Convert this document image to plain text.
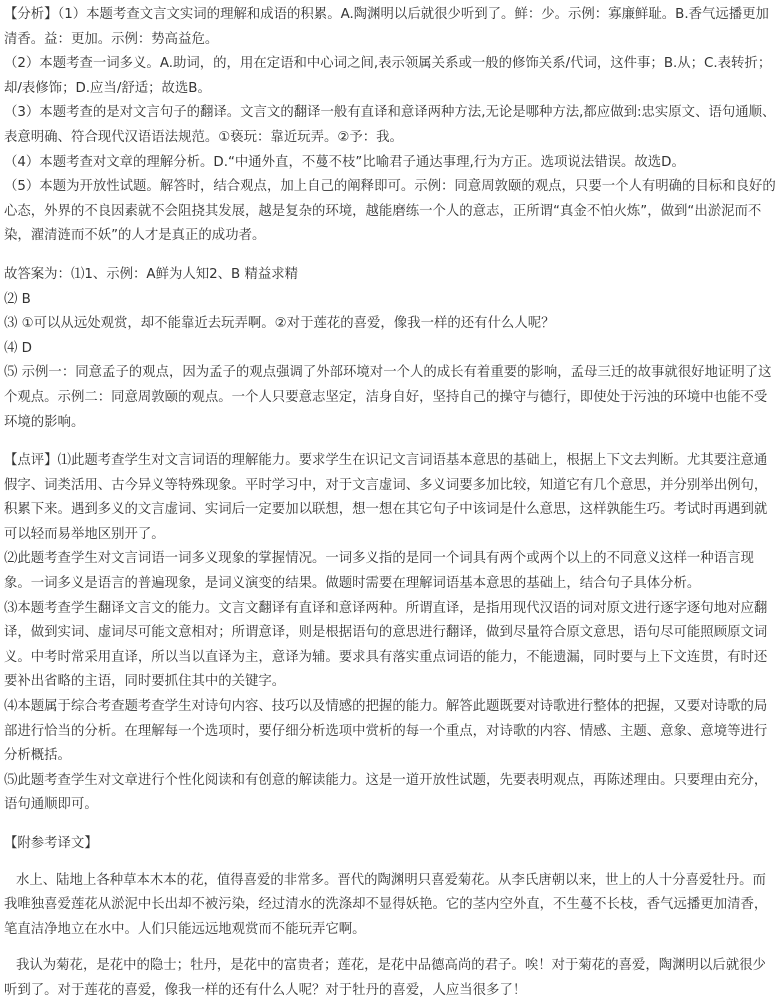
【分析】（1）本题考查文言文实词的理解和成语的积累。A.陶渊明以后就很少听到了。鲜：少。示例：寡廉鲜耻。B.香气远播更加清香。益：更加。示例：势高益危。

（2）本题考查一词多义。A.助词，的，用在定语和中心词之间,表示领属关系或一般的修饰关系/代词，这件事；B.从；C.表转折；却/表修饰；D.应当/舒适；故选B。

（3）本题考查的是对文言句子的翻译。文言文的翻译一般有直译和意译两种方法,无论是哪种方法,都应做到:忠实原文、语句通顺、表意明确、符合现代汉语语法规范。①亵玩：靠近玩弄。②予：我。

（4）本题考查对文章的理解分析。D.“中通外直，不蔓不枝”比喻君子通达事理,行为方正。选项说法错误。故选D。

（5）本题为开放性试题。解答时，结合观点，加上自己的阐释即可。示例：同意周敦颐的观点，只要一个人有明确的目标和良好的心态，外界的不良因素就不会阻挠其发展，越是复杂的环境，越能磨练一个人的意志，正所谓“真金不怕火炼”，做到“出淤泥而不染，濯清涟而不妖”的人才是真正的成功者。

故答案为：⑴1、示例：A鲜为人知2、B 精益求精

⑵ B

⑶ ①可以从远处观赏，却不能靠近去玩弄啊。②对于莲花的喜爱，像我一样的还有什么人呢？

⑷ D

⑸ 示例一：同意孟子的观点，因为孟子的观点强调了外部环境对一个人的成长有着重要的影响，孟母三迁的故事就很好地证明了这个观点。示例二：同意周敦颐的观点。一个人只要意志坚定，洁身自好，坚持自己的操守与德行，即使处于污浊的环境中也能不受环境的影响。

【点评】⑴此题考查学生对文言词语的理解能力。要求学生在识记文言词语基本意思的基础上，根据上下文去判断。尤其要注意通假字、词类活用、古今异义等特殊现象。平时学习中，对于文言虚词、多义词要多加比较，知道它有几个意思，并分别举出例句，积累下来。遇到多义的文言虚词、实词后一定要加以联想，想一想在其它句子中该词是什么意思，这样孰能生巧。考试时再遇到就可以轻而易举地区别开了。

⑵此题考查学生对文言词语一词多义现象的掌握情况。一词多义指的是同一个词具有两个或两个以上的不同意义这样一种语言现象。一词多义是语言的普遍现象，是词义演变的结果。做题时需要在理解词语基本意思的基础上，结合句子具体分析。

⑶本题考查学生翻译文言文的能力。文言文翻译有直译和意译两种。所谓直译，是指用现代汉语的词对原文进行逐字逐句地对应翻译，做到实词、虚词尽可能文意相对；所谓意译，则是根据语句的意思进行翻译，做到尽量符合原文意思，语句尽可能照顾原文词义。中考时常采用直译，所以当以直译为主，意译为辅。要求具有落实重点词语的能力，不能遗漏，同时要与上下文连贯，有时还要补出省略的主语，同时要抓住其中的关键字。

⑷本题属于综合考查题考查学生对诗句内容、技巧以及情感的把握的能力。解答此题既要对诗歌进行整体的把握，又要对诗歌的局部进行恰当的分析。在理解每一个选项时，要仔细分析选项中赏析的每一个重点，对诗歌的内容、情感、主题、意象、意境等进行分析概括。

⑸此题考查学生对文章进行个性化阅读和有创意的解读能力。这是一道开放性试题，先要表明观点，再陈述理由。只要理由充分，语句通顺即可。

【附参考译文】

水上、陆地上各种草本木本的花，值得喜爱的非常多。晋代的陶渊明只喜爱菊花。从李氏唐朝以来，世上的人十分喜爱牡丹。而我唯独喜爱莲花从淤泥中长出却不被污染，经过清水的洗涤却不显得妖艳。它的茎内空外直，不生蔓不长枝，香气远播更加清香，笔直洁净地立在水中。人们只能远远地观赏而不能玩弄它啊。

我认为菊花，是花中的隐士；牡丹，是花中的富贵者；莲花，是花中品德高尚的君子。唉！对于菊花的喜爱，陶渊明以后就很少听到了。对于莲花的喜爱，像我一样的还有什么人呢？对于牡丹的喜爱，人应当很多了！
